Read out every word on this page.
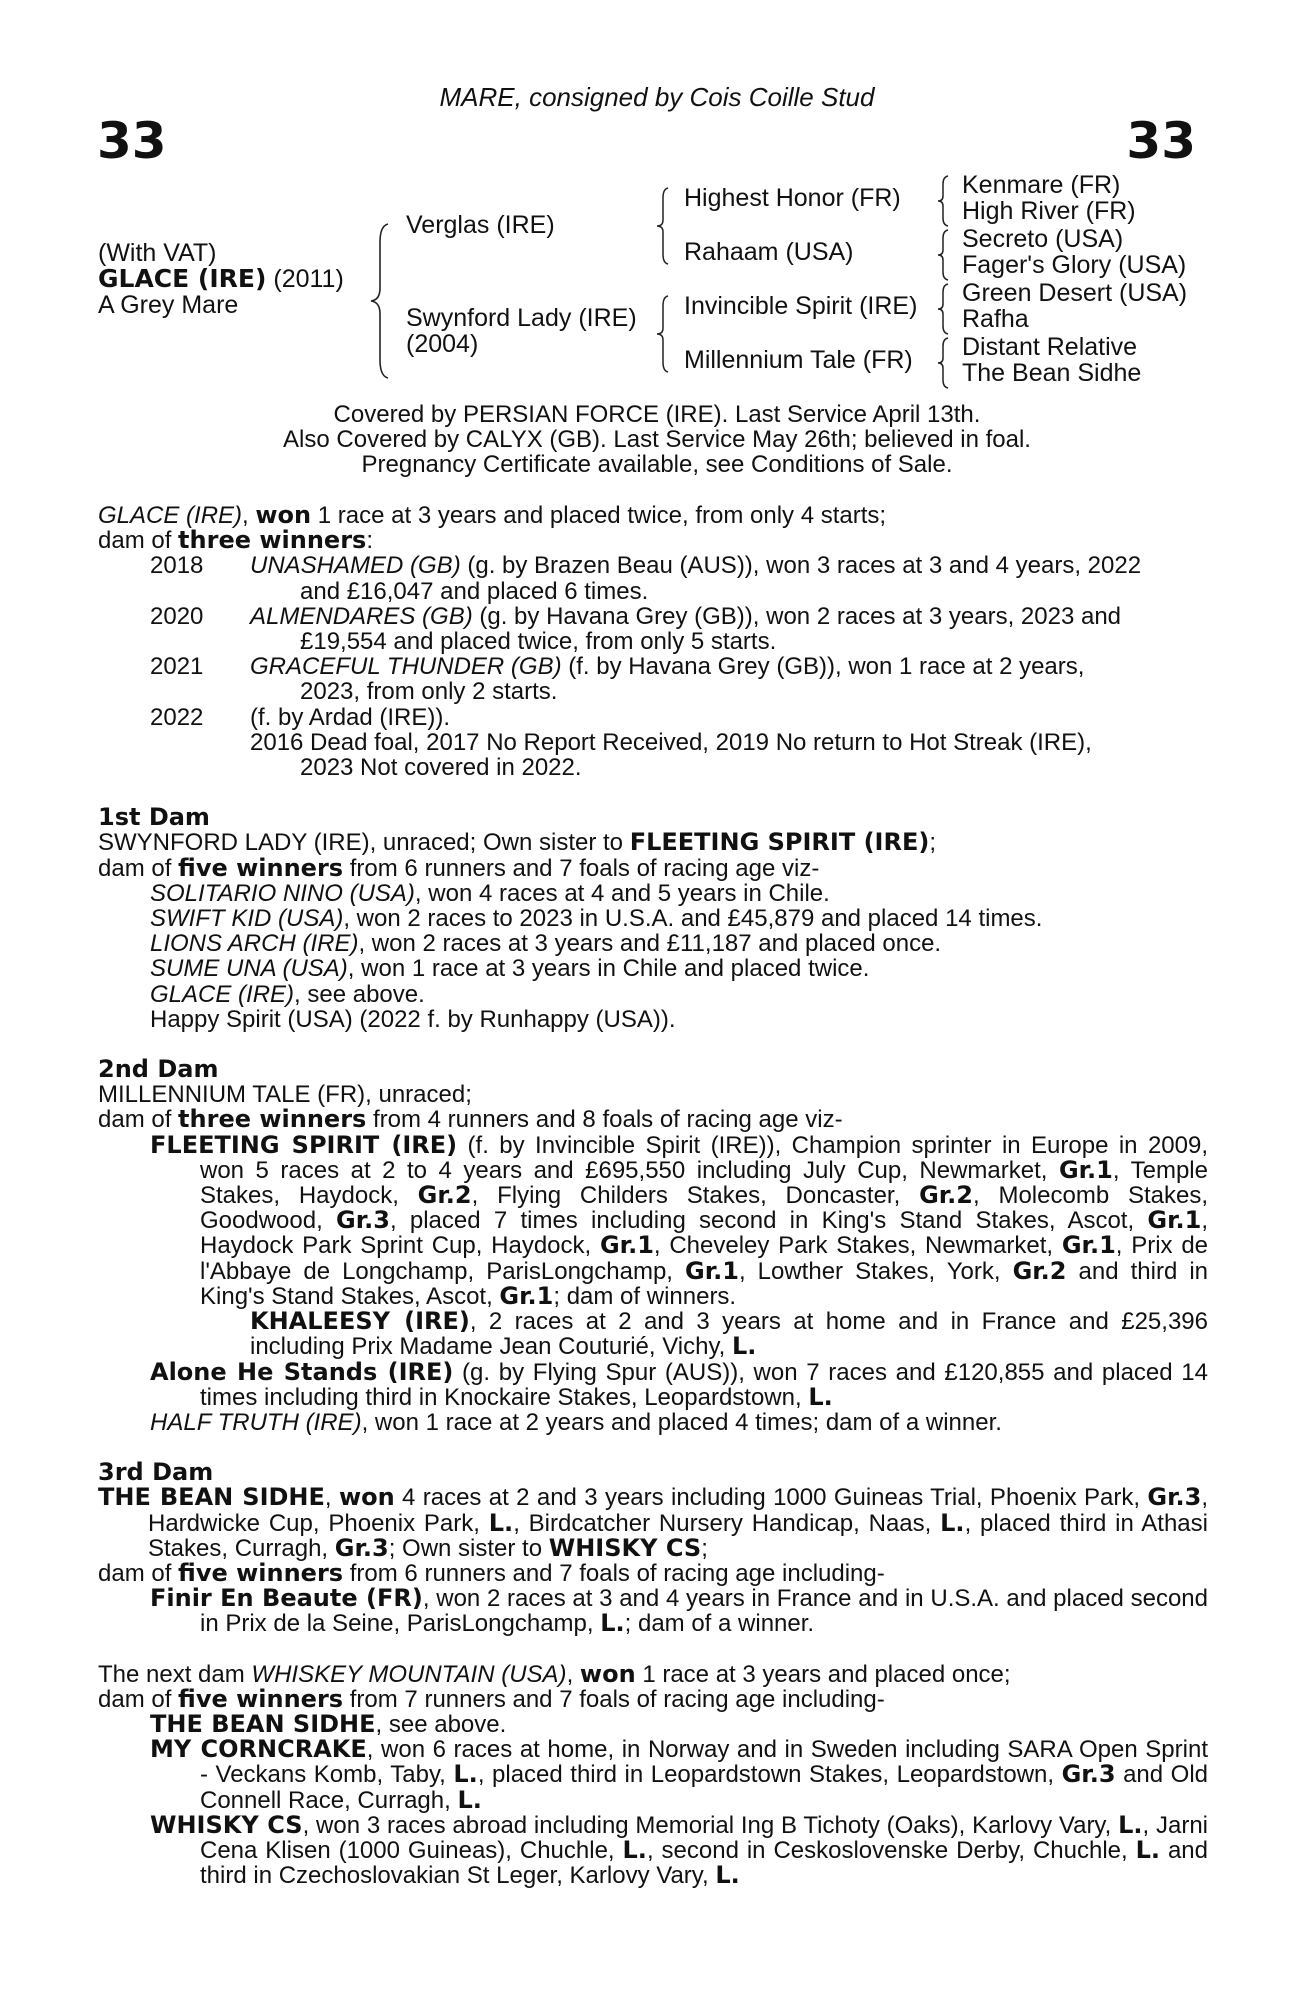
MARE, consigned by Cois Coille Stud
33	33
(With VAT)
GLACE (IRE) (2011)
A Grey Mare
Verglas (IRE)
Swynford Lady (IRE)
(2004)
Highest Honor (FR)
Rahaam (USA)
Invincible Spirit (IRE)
Millennium Tale (FR)
Kenmare (FR)
High River (FR)
Secreto (USA)
Fager's Glory (USA)
Green Desert (USA)
Rafha
Distant Relative
The Bean Sidhe
Covered by PERSIAN FORCE (IRE). Last Service April 13th.
Also Covered by CALYX (GB). Last Service May 26th; believed in foal.
Pregnancy Certificate available, see Conditions of Sale.

GLACE (IRE), won 1 race at 3 years and placed twice, from only 4 starts;

dam of three winners:

2018 UNASHAMED (GB) (g. by Brazen Beau (AUS)), won 3 races at 3 and 4 years, 2022

and £16,047 and placed 6 times.

2020 ALMENDARES (GB) (g. by Havana Grey (GB)), won 2 races at 3 years, 2023 and

£19,554 and placed twice, from only 5 starts.

2021 GRACEFUL THUNDER (GB) (f. by Havana Grey (GB)), won 1 race at 2 years,

2023, from only 2 starts.

2022 (f. by Ardad (IRE)).

2016 Dead foal, 2017 No Report Received, 2019 No return to Hot Streak (IRE),

2023 Not covered in 2022.

1st Dam

SWYNFORD LADY (IRE), unraced; Own sister to FLEETING SPIRIT (IRE);

dam of five winners from 6 runners and 7 foals of racing age viz-

SOLITARIO NINO (USA), won 4 races at 4 and 5 years in Chile.

SWIFT KID (USA), won 2 races to 2023 in U.S.A. and £45,879 and placed 14 times.

LIONS ARCH (IRE), won 2 races at 3 years and £11,187 and placed once.

SUME UNA (USA), won 1 race at 3 years in Chile and placed twice.

GLACE (IRE), see above.

Happy Spirit (USA) (2022 f. by Runhappy (USA)).

2nd Dam

MILLENNIUM TALE (FR), unraced;

dam of three winners from 4 runners and 8 foals of racing age viz-

FLEETING SPIRIT (IRE) (f. by Invincible Spirit (IRE)), Champion sprinter in Europe in 2009, won 5 races at 2 to 4 years and £695,550 including July Cup, Newmarket, Gr.1, Temple Stakes, Haydock, Gr.2, Flying Childers Stakes, Doncaster, Gr.2, Molecomb Stakes, Goodwood, Gr.3, placed 7 times including second in King's Stand Stakes, Ascot, Gr.1, Haydock Park Sprint Cup, Haydock, Gr.1, Cheveley Park Stakes, Newmarket, Gr.1, Prix de l'Abbaye de Longchamp, ParisLongchamp, Gr.1, Lowther Stakes, York, Gr.2 and third in King's Stand Stakes, Ascot, Gr.1; dam of winners.

KHALEESY (IRE), 2 races at 2 and 3 years at home and in France and £25,396 including Prix Madame Jean Couturié, Vichy, L.

Alone He Stands (IRE) (g. by Flying Spur (AUS)), won 7 races and £120,855 and placed 14 times including third in Knockaire Stakes, Leopardstown, L.

HALF TRUTH (IRE), won 1 race at 2 years and placed 4 times; dam of a winner.

3rd Dam

THE BEAN SIDHE, won 4 races at 2 and 3 years including 1000 Guineas Trial, Phoenix Park, Gr.3, Hardwicke Cup, Phoenix Park, L., Birdcatcher Nursery Handicap, Naas, L., placed third in Athasi Stakes, Curragh, Gr.3; Own sister to WHISKY CS;

dam of five winners from 6 runners and 7 foals of racing age including-

Finir En Beaute (FR), won 2 races at 3 and 4 years in France and in U.S.A. and placed second in Prix de la Seine, ParisLongchamp, L.; dam of a winner.

The next dam WHISKEY MOUNTAIN (USA), won 1 race at 3 years and placed once;

dam of five winners from 7 runners and 7 foals of racing age including-

THE BEAN SIDHE, see above.

MY CORNCRAKE, won 6 races at home, in Norway and in Sweden including SARA Open Sprint - Veckans Komb, Taby, L., placed third in Leopardstown Stakes, Leopardstown, Gr.3 and Old Connell Race, Curragh, L.

WHISKY CS, won 3 races abroad including Memorial Ing B Tichoty (Oaks), Karlovy Vary, L., Jarni Cena Klisen (1000 Guineas), Chuchle, L., second in Ceskoslovenske Derby, Chuchle, L. and third in Czechoslovakian St Leger, Karlovy Vary, L.
